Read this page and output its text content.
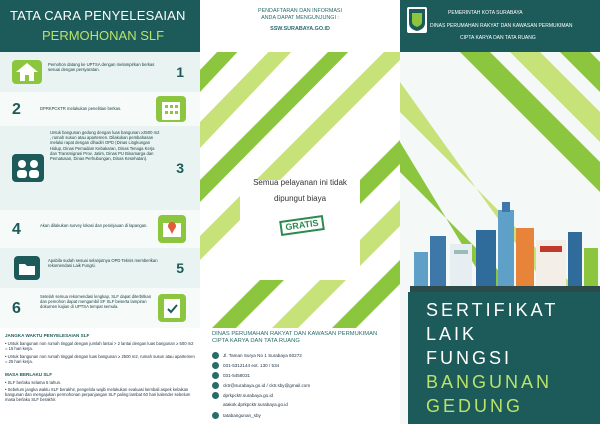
TATA CARA PENYELESAIAN
PERMOHONAN SLF
Pemohon datang ke UPTSA dengan melampirkan berkas sesuai dengan persyaratan.	1
2	DPRKPCKTR melakukan penelitian berkas.
Untuk bangunan gedung dengan luas bangunan ≥2500 m2 , rumah susun atau apartemen. Dilakukan pembahasan melalui rapat dengan dihadiri OPD (Dinas Lingkungan Hidup, Dinas Pemadam Kebakaran, Dinas Tenaga Kerja dan Transmigrasi Prov. Jatim, Dinas PU Binamarga dan Pematusan, Dinas Perhubungan, Dinas Kesehatan).
3
4	Akan dilakukan survey lokasi dan peninjauan di lapangan.
Apabila sudah sesuai selanjutnya OPD Teknis memberikan rekomendasi Laik Fungsi.	5
6
Setelah semua rekomendasi lengkap, SLF dapat diterbitkan dan pemohon dapat mengambil SF SLF beserta lampiran dokumen kajian di UPTSA tempat semula.
JANGKA WAKTU PENYELESAIAN SLF
• Untuk bangunan non rumah tinggal dengan jumlah lantai > 2 lantai dengan luas bangunan ≥ 500 m2 = 15 hari kerja.
• Untuk bangunan non rumah tinggal dengan luas bangunan ≥ 2500 m2, rumah susun atau apartemen = 25 hari kerja.
MASA BERLAKU SLF
• SLF berlaku selama 5 tahun.
• Sebelum jangka waktu SLF berakhir, pengelola wajib melakukan evaluasi kembali aspek kelaikan bangunan dan mengajukan permohonan perpanjangan SLF paling lambat 60 hari kalender sebelum masa berlaku SLF berakhir.
PENDAFTARAN DAN INFORMASI
ANDA DAPAT MENGUNJUNGI :
SSW.SURABAYA.GO.ID
Semua pelayanan ini tidak
dipungut biaya
GRATIS
DINAS PERUMAHAN RAKYAT DAN KAWASAN PERMUKIMAN
CIPTA KARYA DAN TATA RUANG
Jl. Taman Surya No 1 Surabaya 60272
031-5312144 ext. 130 / 534
031-5458031
cktr@surabaya.go.id / cktr.sby@gmail.com
dprkpcktr.surabaya.go.id
atakok.dprkpcktr.surabaya.go.id
tatabangunan_sby
PEMERINTAH KOTA SURABAYA
DINAS PERUMAHAN RAKYAT DAN KAWASAN PERMUKIMAN
CIPTA KARYA DAN TATA RUANG
SERTIFIKAT
LAIK
FUNGSI
BANGUNAN
GEDUNG
